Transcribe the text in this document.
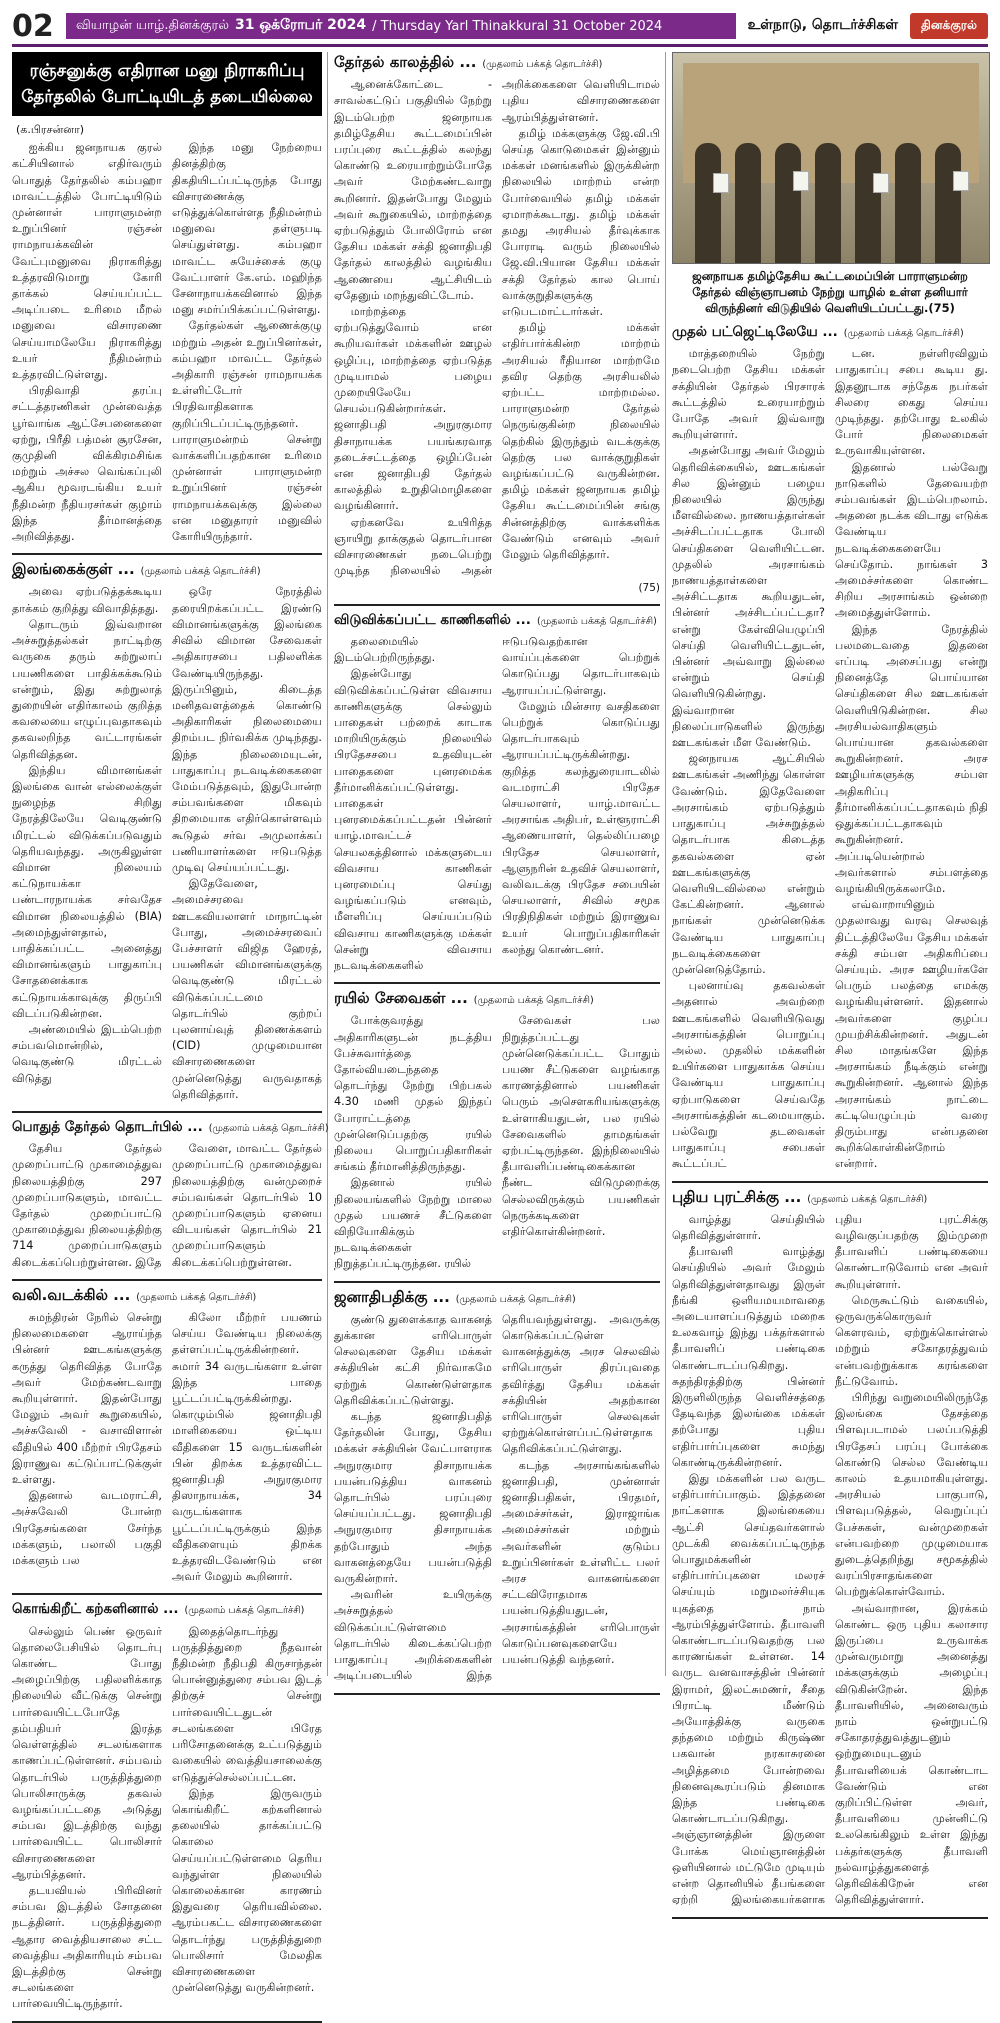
02	வியாழன் யாழ்.தினக்குரல் 31 ஒக்ரோபர் 2024 / Thursday Yarl Thinakkural 31 October 2024	உள்நாடு, தொடர்ச்சிகள்	தினக்குரல்
ரஞ்சனுக்கு எதிரான மனு நிராகரிப்பு தேர்தலில் போட்டியிடத் தடையில்லை
(க.பிரசன்னா)

ஐக்கிய ஜனநாயக குரல் கட்சியினால் எதிர்வரும் பொதுத் தேர்தலில் கம்பஹா மாவட்டத்தில் போட்டியிடும் முன்னாள் பாராளுமன்ற உறுப்பினர் ரஞ்சன் ராமநாயக்கவின் வேட்புமனுவை நிராகரித்து உத்தரவிடுமாறு கோரி தாக்கல் செய்யப்பட்ட அடிப்படை உரிமை மீறல் மனுவை விசாரணை செய்யாமலேயே நிராகரித்து உயர் நீதிமன்றம் உத்தரவிட்டுள்ளது.

பிரதிவாதி தரப்பு சட்டத்தரணிகள் முன்வைத்த பூர்வாங்க ஆட்சேபனைகளை ஏற்று, பிரீதி பத்மன் சூரசேன, குமுதினி விக்கிரமசிங்க மற்றும் அச்சல வெங்கப்புலி ஆகிய மூவரடங்கிய உயர் நீதிமன்ற நீதியரசர்கள் குழாம் இந்த தீர்மானத்தை அறிவித்தது.

இந்த மனு நேற்றைய தினத்திற்கு திகதியிடப்பட்டிருந்த போது விசாரணைக்கு எடுத்துக்கொள்ளத நீதிமன்றம் மனுவை தள்ளுபடி செய்துள்ளது. கம்பஹா மாவட்ட சுயேச்சைக் குழு வேட்பாளர் கே.எம். மஹிந்த சேனாநாயக்கவினால் இந்த மனு சமர்ப்பிக்கப்பட்டுள்ளது.

தேர்தல்கள் ஆணைக்குழு மற்றும் அதன் உறுப்பினர்கள், கம்பஹா மாவட்ட தேர்தல் அதிகாரி ரஞ்சன் ராமநாயக்க உள்ளிட்டோர் பிரதிவாதிகளாக குறிப்பிடப்பட்டிருந்தனர். பாராளுமன்றம் சென்று வாக்களிப்பதற்கான உரிமை முன்னாள் பாராளுமன்ற உறுப்பினர் ரஞ்சன் ராமநாயக்கவுக்கு இல்லை என மனுதாரர் மனுவில் கோரியிருந்தார்.

இலங்கைக்குள் ... (முதலாம் பக்கத் தொடர்ச்சி)

அவை ஏற்படுத்தக்கூடிய தாக்கம் குறித்து விவாதித்தது.

தொடரும் இவ்வறான அச்சுறுத்தல்கள் நாட்டிற்கு வருகை தரும் சுற்றுலாப் பயணிகளை பாதிக்கக்கூடும் என்றும், இது சுற்றுலாத் துறையின் எதிர்காலம் குறித்த கவலையை எழுப்புவதாகவும் தகவலறிந்த வட்டாரங்கள் தெரிவித்தன.

இந்திய விமானங்கள் இலங்கை வான் எல்லைக்குள் நுழைந்த சிறிது நேரத்திலேயே வெடிகுண்டு மிரட்டல் விடுக்கப்படுவதும் தெரியவந்தது. அருகிலுள்ள விமான நிலையம் கட்டுநாயக்கா பண்டாரநாயக்க சர்வதேச விமான நிலையத்தில் (BIA) அமைந்துள்ளதால், பாதிக்கப்பட்ட அனைத்து விமானங்களும் பாதுகாப்பு சோதனைக்காக கட்டுநாயக்காவுக்கு திருப்பி விடப்படுகின்றன.

அண்மையில் இடம்பெற்ற சம்பவமொன்றில், வெடிகுண்டு மிரட்டல் விடுத்து

ஒரே நேரத்தில் தரையிறக்கப்பட்ட இரண்டு விமானங்களுக்கு இலங்கை சிவில் விமான சேவைகள் அதிகாரசபை பதிலளிக்க வேண்டியிருந்தது. இருப்பினும், கிடைத்த மனிதவளத்தைக் கொண்டு அதிகாரிகள் நிலைமையை திறம்பட நிர்வகிக்க முடிந்தது. இந்த நிலைமையுடன், பாதுகாப்பு நடவடிக்கைகளை மேம்படுத்தவும், இதுபோன்ற சம்பவங்களை மிகவும் திறமையாக எதிர்கொள்ளவும் கூடுதல் சர்வ அமுலாக்கப் பணியாளர்களை ஈடுபடுத்த முடிவு செய்யப்பட்டது.

இதேவேளை, அமைச்சரவை ஊடகவியலாளர் மாநாட்டின் போது, அமைச்சரவைப் பேச்சாளர் விஜித ஹேரத், பயணிகள் விமானங்களுக்கு வெடிகுண்டு மிரட்டல் விடுக்கப்பட்டமை தொடர்பில் குற்றப் புலனாய்வுத் திணைக்களம் (CID) முழுமையான விசாரணைகளை முன்னெடுத்து வருவதாகத் தெரிவித்தார்.

பொதுத் தேர்தல் தொடர்பில் ... (முதலாம் பக்கத் தொடர்ச்சி)

தேசிய தேர்தல் முறைப்பாட்டு முகாமைத்துவ நிலையத்திற்கு 297 முறைப்பாடுகளும், மாவட்ட தேர்தல் முறைப்பாட்டு முகாமைத்துவ நிலையத்திற்கு 714 முறைப்பாடுகளும் கிடைக்கப்பெற்றுள்ளன. இதே

வேளை, மாவட்ட தேர்தல் முறைப்பாட்டு முகாமைத்துவ நிலையத்திற்கு வன்முறைச் சம்பவங்கள் தொடர்பில் 10 முறைப்பாடுகளும் ஏனைய விடயங்கள் தொடர்பில் 21 முறைப்பாடுகளும் கிடைக்கப்பெற்றுள்ளன.

வலி.வடக்கில் ... (முதலாம் பக்கத் தொடர்ச்சி)

சுமந்திரன் நேரில் சென்று நிலைமைகளை ஆராய்ந்த பின்னர் ஊடகங்களுக்கு கருத்து தெரிவித்த போதே அவர் மேற்கண்டவாறு கூறியுள்ளார். இதன்போது மேலும் அவர் கூறுகையில், அச்சுவேலி - வசாவிளான் வீதியில் 400 மீற்றர் பிரதேசம் இராணுவ கட்டுப்பாட்டுக்குள் உள்ளது.

இதனால் வடமராட்சி, அச்சுவேலி போன்ற பிரதேசங்களை சேர்ந்த மக்களும், பலாலி பகுதி மக்களும் பல

கிலோ மீற்றர் பயணம் செய்ய வேண்டிய நிலைக்கு தள்ளப்பட்டிருக்கின்றனர். சுமார் 34 வருடங்களா உள்ள இந்த பாதை பூட்டப்பட்டிருக்கின்றது. கொழும்பில் ஜனாதிபதி மாளிகையை ஒட்டிய வீதிகளை 15 வருடங்களின் பின் திறக்க உத்தரவிட்ட ஜனாதிபதி அநுரகுமார திஸாநாயக்க, 34 வருடங்களாக பூட்டப்பட்டிருக்கும் இந்த வீதிகளையும் திறக்க உத்தரவிடவேண்டும் என அவர் மேலும் கூறினார்.

கொங்கிறீட் கற்களினால் ... (முதலாம் பக்கத் தொடர்ச்சி)

செல்லும் பெண் ஒருவர் தொலைபேசியில் தொடர்பு கொண்ட போது அழைப்பிற்கு பதிலளிக்காத நிலையில் வீட்டுக்கு சென்று பார்வையிட்டபோதே தம்பதியர் இரத்த வெள்ளத்தில் சடலங்களாக காணப்பட்டுள்ளனர். சம்பவம் தொடர்பில் பருத்தித்துறை பொலிசாருக்கு தகவல் வழங்கப்பட்டதை அடுத்து சம்பவ இடத்திற்கு வந்து பார்வையிட்ட பொலிசார் விசாரணைகளை ஆரம்பித்தனர்.

தடயவியல் பிரிவினர் சம்பவ இடத்தில் சோதனை நடத்தினர். பருத்தித்துறை ஆதார வைத்தியசாலை சட்ட வைத்திய அதிகாரியும் சம்பவ இடத்திற்கு சென்று சடலங்களை பார்வையிட்டிருந்தார்.

இதைத்தொடர்ந்து பருத்தித்துறை நீதவான் நீதிமன்ற நீதிபதி கிருசாந்தன் பொன்னுத்துரை சம்பவ இடத் திற்குச் சென்று பார்வையிட்டதுடன் சடலங்களை பிரேத பரிசோதனைக்கு உட்படுத்தும் வகையில் வைத்தியசாலைக்கு எடுத்துச்செல்லப்பட்டன.

இந்த இருவரும் கொங்கிறீட் கற்களினால் தலையில் தாக்கப்பட்டு கொலை செய்யப்பட்டுள்ளமை தெரிய வந்துள்ள நிலையில் கொலைக்கான காரணம் இதுவரை தெரியவில்லை. ஆரம்பகட்ட விசாரணைகளை தொடர்ந்து பருத்தித்துறை பொலிசார் மேலதிக விசாரணைகளை முன்னெடுத்து வருகின்றனர்.

தேர்தல் காலத்தில் ... (முதலாம் பக்கத் தொடர்ச்சி)

ஆனைக்கோட்டை - சாவல்கட்டுப் பகுதியில் நேற்று இடம்பெற்ற ஜனநாயக தமிழ்தேசிய கூட்டமைப்பின் பரப்புரை கூட்டத்தில் கலந்து கொண்டு உரையாற்றும்போதே அவர் மேற்கண்டவாறு கூறினார். இதன்போது மேலும் அவர் கூறுகையில், மாற்றத்தை ஏற்படுத்தும் போலிரோம் என தேசிய மக்கள் சக்தி ஜனாதிபதி தேர்தல் காலத்தில் வழங்கிய ஆணையை ஆட்சியிடம் ஏதேனும் மறந்துவிட்டோம்.

மாற்றத்தை ஏற்படுத்துவோம் என கூறியவர்கள் மக்களின் ஊழல் ஒழிப்பு, மாற்றத்தை ஏற்படுத்த முடியாமல் பழைய முறையிலேயே செயல்படுகின்றார்கள். ஜனாதிபதி அநுரகுமார திசாநாயக்க பயங்கரவாத தடைச்சட்டத்தை ஒழிப்பேன் என ஜனாதிபதி தேர்தல் காலத்தில் உறுதிமொழிகளை வழங்கினார்.

ஏற்கனவே உயிரித்த ஞாயிறு தாக்குதல் தொடர்பான விசாரணைகள் நடைபெற்று முடிந்த நிலையில் அதன் அறிக்கைகளை வெளியிடாமல் புதிய விசாரணைகளை ஆரம்பித்துள்ளனர்.

தமிழ் மக்களுக்கு ஜே.வி.பி செய்த கொடுமைகள் இன்னும் மக்கள் மனங்களில் இருக்கின்ற நிலையில் மாற்றம் என்ற போர்வையில் தமிழ் மக்கள் ஏமாறக்கூடாது. தமிழ் மக்கள் தமது அரசியல் தீர்வுக்காக போராடி வரும் நிலையில் ஜே.வி.பியான தேசிய மக்கள் சக்தி தேர்தல் கால பொய் வாக்குறுதிகளுக்கு எடுபடமாட்டார்கள்.

தமிழ் மக்கள் எதிர்பார்க்கின்ற மாற்றம் அரசியல் ரீதியான மாற்றமே தவிர தெற்கு அரசியலில் ஏற்பட்ட மாற்றமல்ல. பாராளுமன்ற தேர்தல் நெருங்குகின்ற நிலையில் தெற்கில் இருந்தும் வடக்குக்கு தெற்கு பல வாக்குறுதிகள் வழங்கப்பட்டு வருகின்றன. தமிழ் மக்கள் ஜனநாயக தமிழ் தேசிய கூட்டமைப்பின் சங்கு சின்னத்திற்கு வாக்களிக்க வேண்டும் எனவும் அவர் மேலும் தெரிவித்தார்.

(75)
விடுவிக்கப்பட்ட காணிகளில் ... (முதலாம் பக்கத் தொடர்ச்சி)

தலைமையில் இடம்பெற்றிருந்தது.

இதன்போது விடுவிக்கப்பட்டுள்ள விவசாய காணிகளுக்கு செல்லும் பாதைகள் பற்றைக் காடாக மாறியிருக்கும் நிலையில் பிரதேசசபை உதவியுடன் பாதைகளை புனரமைக்க தீர்மானிக்கப்பட்டுள்ளது. பாதைகள் புனரமைக்கப்பட்டதன் பின்னர் யாழ்.மாவட்டச் செயலகத்தினால் மக்களுடைய விவசாய காணிகள் புனரமைப்பு செய்து வழங்கப்படும் எனவும், மீளளிப்பு செய்யப்படும் விவசாய காணிகளுக்கு மக்கள் சென்று விவசாய நடவடிக்கைகளில் ஈடுபடுவதற்கான வாய்ப்புக்களை பெற்றுக் கொடுப்பது தொடர்பாகவும் ஆராயப்பட்டுள்ளது.

மேலும் மின்சார வசதிகளை பெற்றுக் கொடுப்பது தொடர்பாகவும் ஆராயப்பட்டிருக்கின்றது. குறித்த கலந்துரையாடலில் வடமராட்சி பிரதேச செயலாளர், யாழ்.மாவட்ட அரசாங்க அதிபர், உள்ளூராட்சி ஆணையாளர், தெல்லிப்பழை பிரதேச செயலாளர், ஆளுநரின் உதவிச் செயலாளர், வலிவடக்கு பிரதேச சபையின் செயலாளர், சிவில் சமூக பிரதிநிதிகள் மற்றும் இராணுவ உயர் பொறுப்பதிகாரிகள் கலந்து கொண்டனர்.

ரயில் சேவைகள் ... (முதலாம் பக்கத் தொடர்ச்சி)

போக்குவரத்து அதிகாரிகளுடன் நடத்திய பேச்சுவார்த்தை தோல்வியடைந்ததை தொடர்ந்து நேற்று பிற்பகல் 4.30 மணி முதல் இந்தப் போராட்டத்தை முன்னெடுப்பதற்கு ரயில் நிலைய பொறுப்பதிகாரிகள் சங்கம் தீர்மானித்திருந்தது.

இதனால் ரயில் நிலையங்களில் நேற்று மாலை முதல் பயணச் சீட்டுகளை விநியோகிக்கும் நடவடிக்கைகள் நிறுத்தப்பட்டிருந்தன. ரயில்

சேவைகள் பல நிறுத்தப்பட்டது முன்னெடுக்கப்பட்ட போதும் பயண சீட்டுகளை வழங்காத காரணத்தினால் பயணிகள் பெரும் அசௌகரியங்களுக்கு உள்ளாகியதுடன், பல ரயில் சேவைகளில் தாமதங்கள் ஏற்பட்டிருந்தன. இந்நிலையில் தீபாவளிப்பண்டிகைக்கான நீண்ட விடுமுறைக்கு செல்லவிருக்கும் பயணிகள் நெருக்கடிகளை எதிர்கொள்கின்றனர்.

ஜனாதிபதிக்கு ... (முதலாம் பக்கத் தொடர்ச்சி)

குண்டு துளைக்காத வாகனத் துக்கான எரிபொருள் செலவுகளை தேசிய மக்கள் சக்தியின் கட்சி நிர்வாகமே ஏற்றுக் கொண்டுள்ளதாக தெரிவிக்கப்பட்டுள்ளது.

கடந்த ஜனாதிபதித் தேர்தலின் போது, தேசிய மக்கள் சக்தியின் வேட்பாளராக அநுரகுமார திசாநாயக்க பயன்படுத்திய வாகனம் தொடர்பில் பரப்புரை செய்யப்பட்டது. ஜனாதிபதி அநுரகுமார திசாநாயக்க தற்போதும் அந்த வாகனத்தையே பயன்படுத்தி வருகின்றார்.

அவரின் உயிருக்கு அச்சுறுத்தல் விடுக்கப்பட்டுள்ளமை தொடர்பில் கிடைக்கப்பெற்ற பாதுகாப்பு அறிக்கைகளின் அடிப்படையில் இந்த தெரியவந்துள்ளது. அவருக்கு கொடுக்கப்பட்டுள்ள வாகனத்துக்கு அரச செலவில் எரிபொருள் திரப்புவதை தவிர்த்து தேசிய மக்கள் சக்தியின் அதற்கான எரிபொருள் செலவுகள் ஏற்றுக்கொள்ளப்பட்டுள்ளதாக தெரிவிக்கப்பட்டுள்ளது.

கடந்த அரசாங்கங்களில் ஜனாதிபதி, முன்னாள் ஜனாதிபதிகள், பிரதமர், அமைச்சர்கள், இராஜாங்க அமைச்சர்கள் மற்றும் அவர்களின் குடும்ப உறுப்பினர்கள் உள்ளிட்ட பலர் அரச வாகனங்களை சட்டவிரோதமாக பயன்படுத்தியதுடன், அரசாங்கத்தின் எரிபொருள் கொடுப்பனவுகளையே பயன்படுத்தி வந்தனர்.

ஜனநாயக தமிழ்தேசிய கூட்டமைப்பின் பாராளுமன்ற தேர்தல் விஞ்ஞாபனம் நேற்று யாழில் உள்ள தனியார் விருந்தினர் விடுதியில் வெளியிடப்பட்டது.(75)
முதல் பட்ஜெட்டிலேயே ... (முதலாம் பக்கத் தொடர்ச்சி)

மாத்தறையில் நேற்று நடைபெற்ற தேசிய மக்கள் சக்தியின் தேர்தல் பிரசாரக் கூட்டத்தில் உரையாற்றும் போதே அவர் இவ்வாறு கூறியுள்ளார்.

அதன்போது அவர் மேலும் தெரிவிக்கையில், ஊடகங்கள் சில இன்னும் பழைய நிலையில் இருந்து மீளவில்லை. நாணயத்தாள்கள் அச்சிடப்பட்டதாக போலி செய்திகளை வெளியிட்டன. முதலில் அரசாங்கம் நாணயத்தாள்களை அச்சிட்டதாக கூறியதுடன், பின்னர் அச்சிடப்பட்டதா? என்று கேள்வியெழுப்பி செய்தி வெளியிட்டதுடன், பின்னர் அவ்வாறு இல்லை என்றும் செய்தி வெளியிடுகின்றது. இவ்வாறான நிலைப்பாடுகளில் இருந்து ஊடகங்கள் மீள வேண்டும்.

ஜனநாயக ஆட்சியில் ஊடகங்கள் அணிந்து கொள்ள வேண்டும். இதேவேளை அரசாங்கம் ஏற்படுத்தும் பாதுகாப்பு அச்சுறுத்தல் தொடர்பாக கிடைத்த தகவல்களை ஏன் ஊடகங்களுக்கு வெளியிடவில்லை என்றும் கேட்கின்றனர். ஆனால் நாங்கள் முன்னெடுக்க வேண்டிய பாதுகாப்பு நடவடிக்கைகளை முன்னெடுத்தோம்.

புலனாய்வு தகவல்கள் அதனால் அவற்றை ஊடகங்களில் வெளியிடுவது அரசாங்கத்தின் பொறுப்பு அல்ல. முதலில் மக்களின் உயிர்களை பாதுகாக்க செய்ய வேண்டிய பாதுகாப்பு ஏற்பாடுகளை செய்வதே அரசாங்கத்தின் கடமையாகும். பல்வேறு தடவைகள் பாதுகாப்பு சபைகள் கூட்டப்பட்

டன. நள்ளிரவிலும் பாதுகாப்பு சபை கூடிய து. இதனூடாக சந்தேக நபர்கள் சிலரை கைது செய்ய முடிந்தது. தற்போது உலகில் போர் நிலைமைகள் உருவாகியுள்ளன.

இதனால் பல்வேறு நாடுகளில் தேவையற்ற சம்பவங்கள் இடம்பெறலாம். அதனை நடக்க விடாது எடுக்க வேண்டிய நடவடிக்கைகளையே செய்தோம். நாங்கள் 3 அமைச்சர்களை கொண்ட சிறிய அரசாங்கம் ஒன்றை அமைத்துள்ளோம்.

இந்த நேரத்தில் பலமடைவதை இதனை எப்படி அசைப்பது என்று நினைத்தே பொய்யான செய்திகளை சில ஊடகங்கள் வெளியிடுகின்றன. சில அரசியல்வாதிகளும் பொய்யான தகவல்களை கூறுகின்றனர். அரச ஊழியர்களுக்கு சம்பள அதிகரிப்பு தீர்மானிக்கப்பட்டதாகவும் நிதி ஒதுக்கப்பட்டதாகவும் கூறுகின்றனர். அப்படியென்றால் அவர்களால் சம்பளத்தை வழங்கியிருக்கலாமே.

எவ்வாறாயினும் முதலாவது வரவு செலவுத் திட்டத்திலேயே தேசிய மக்கள் சக்தி சம்பள அதிகரிப்பை செய்யும். அரச ஊழியர்களே பெரும் பலத்தை எமக்கு வழங்கியுள்ளனர். இதனால் அவர்களை குழப்ப முயற்சிக்கின்றனர். அதுடன் சில மாதங்களே இந்த அரசாங்கம் நீடிக்கும் என்று கூறுகின்றனர். ஆனால் இந்த அரசாங்கம் நாட்டை கட்டியெழுப்பும் வரை திரும்பாது என்பதனை கூறிக்கொள்கின்றோம் என்றார்.

புதிய புரட்சிக்கு ... (முதலாம் பக்கத் தொடர்ச்சி)

வாழ்த்து செய்தியில் தெரிவித்துள்ளார்.

தீபாவளி வாழ்த்து செய்தியில் அவர் மேலும் தெரிவித்துள்ளதாவது இருள் நீங்கி ஒளியமயமாவதை அடையாளப்படுத்தும் மறைக உலகவாழ் இந்து பக்தர்களால் தீபாவளிப் பண்டிகை கொண்டாடப்படுகிறது. சுதந்திரத்திற்கு பின்னர் இருளிலிருந்த வெளிச்சத்தை தேடிவந்த இலங்கை மக்கள் தற்போது புதிய எதிர்பார்ப்புகளை சுமந்து கொண்டிருக்கின்றனர்.

இது மக்களின் பல வருட எதிர்பார்ப்பாகும். இத்தனை நாட்களாக இலங்கையை ஆட்சி செய்தவர்களால் முடக்கி வைக்கப்பட்டிருந்த பொதுமக்களின் எதிர்பார்ப்புகளை மலரச் செய்யும் மறுமலர்ச்சியுக யுகத்தை நாம் ஆரம்பித்துள்ளோம். தீபாவளி கொண்டாடப்படுவதற்கு பல காரணங்கள் உள்ளன. 14 வருட வனவாசத்தின் பின்னர் இராமர், இலட்சுமணர், சீதை பிராட்டி மீண்டும் அயோத்திக்கு வருகை தந்தமை மற்றும் கிருஷ்ண பகவான் நரகாசுரனை அழித்தமை போன்றவை நினைவுகூரப்படும் தினமாக இந்த பண்டிகை கொண்டாடப்படுகிறது. அஞ்ஞானத்தின் இருளை போக்க மெய்ஞானத்தின் ஒளியினால் மட்டுமே முடியும் என்ற தொனியில் தீபங்களை ஏற்றி இலங்கையர்களாக புதிய புரட்சிக்கு வழிவகுப்பதற்கு இம்முறை தீபாவளிப் பண்டிகையை கொண்டாடுவோம் என அவர் கூறியுள்ளார்.

மெருகூட்டும் வகையில், ஒருவருக்கொருவர் கௌரவம், ஏற்றுக்கொள்ளல் மற்றும் சகோதரத்துவம் என்பவற்றுக்காக கரங்களை நீட்டுவோம்.

பிரிந்து வறுமையிலிருந்தே இலங்கை தேசத்தை பிளவுபடாமல் பலப்படுத்தி பிரதேசப் பரப்பு போக்கை கொண்டு செல்ல வேண்டிய காலம் உதயமாகியுள்ளது. அரசியல் பாகுபாடு, பிளவுபடுத்தல், வெறுப்புப் பேச்சுகள், வன்முறைகள் என்பவற்றை முழுமையாக துடைத்தெறிந்து சமூகத்தில் வரப்பிரசாதங்களை பெற்றுக்கொள்வோம்.

அவ்வாறான, இரக்கம் கொண்ட ஒரு புதிய கலாசார இருப்பை உருவாக்க முன்வருமாறு அனைத்து மக்களுக்கும் அழைப்பு விடுகின்றேன். இந்த தீபாவளியில், அனைவரும் நாம் ஒன்றுபட்டு சகோதரத்துவத்துடனும் ஒற்றுமையுடனும் தீபாவளியைக் கொண்டாட வேண்டும் என குறிப்பிட்டுள்ள அவர், தீபாவளியை முன்னிட்டு உலகெங்கிலும் உள்ள இந்து பக்தர்களுக்கு தீபாவளி நல்வாழ்த்துகளைத் தெரிவிக்கிறேன் என தெரிவித்துள்ளார்.
